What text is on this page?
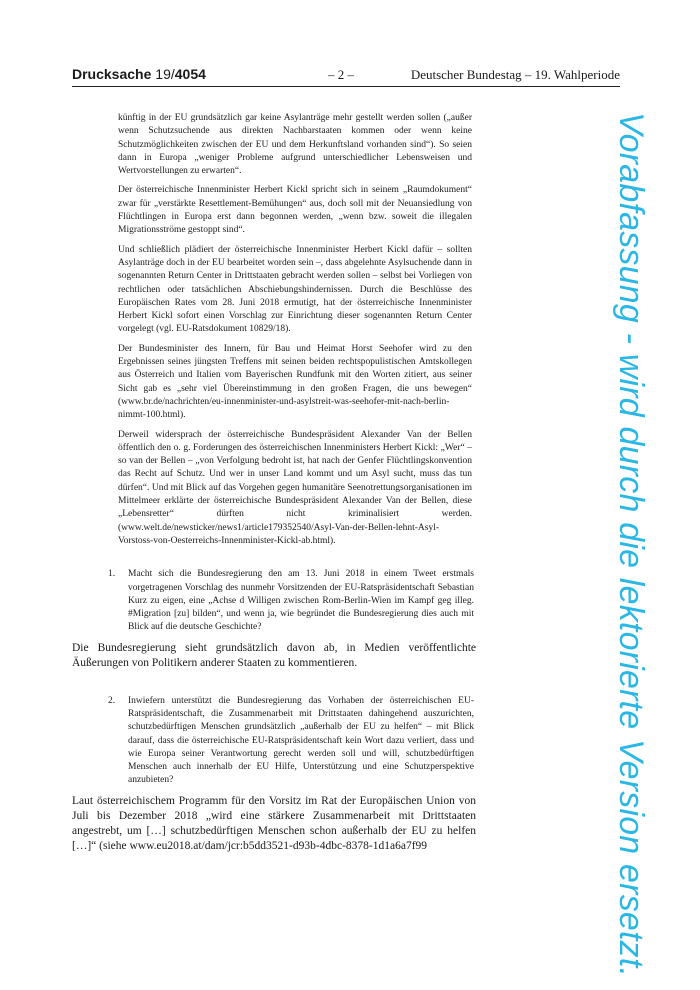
Drucksache 19/4054	– 2 –	Deutscher Bundestag – 19. Wahlperiode

künftig in der EU grundsätzlich gar keine Asylanträge mehr gestellt werden sollen („außer wenn Schutzsuchende aus direkten Nachbarstaaten kommen oder wenn keine Schutzmöglichkeiten zwischen der EU und dem Herkunftsland vorhanden sind“). So seien dann in Europa „weniger Probleme aufgrund unterschiedlicher Lebensweisen und Wertvorstellungen zu erwarten“.

Der österreichische Innenminister Herbert Kickl spricht sich in seinem „Raumdokument“ zwar für „verstärkte Resettlement-Bemühungen“ aus, doch soll mit der Neuansiedlung von Flüchtlingen in Europa erst dann begonnen werden, „wenn bzw. soweit die illegalen Migrationsströme gestoppt sind“.

Und schließlich plädiert der österreichische Innenminister Herbert Kickl dafür – sollten Asylanträge doch in der EU bearbeitet worden sein –, dass abgelehnte Asylsuchende dann in sogenannten Return Center in Drittstaaten gebracht werden sollen – selbst bei Vorliegen von rechtlichen oder tatsächlichen Abschiebungshindernissen. Durch die Beschlüsse des Europäischen Rates vom 28. Juni 2018 ermutigt, hat der österreichische Innenminister Herbert Kickl sofort einen Vorschlag zur Einrichtung dieser sogenannten Return Center vorgelegt (vgl. EU-Ratsdokument 10829/18).

Der Bundesminister des Innern, für Bau und Heimat Horst Seehofer wird zu den Ergebnissen seines jüngsten Treffens mit seinen beiden rechtspopulistischen Amtskollegen aus Österreich und Italien vom Bayerischen Rundfunk mit den Worten zitiert, aus seiner Sicht gab es „sehr viel Übereinstimmung in den großen Fragen, die uns bewegen“ (www.br.de/nachrichten/eu-innenminister-und-asylstreit-was-seehofer-mit-nach-berlin-nimmt-100.html).

Derweil widersprach der österreichische Bundespräsident Alexander Van der Bellen öffentlich den o. g. Forderungen des österreichischen Innenministers Herbert Kickl: „Wer“ – so van der Bellen – „von Verfolgung bedroht ist, hat nach der Genfer Flüchtlingskonvention das Recht auf Schutz. Und wer in unser Land kommt und um Asyl sucht, muss das tun dürfen“. Und mit Blick auf das Vorgehen gegen humanitäre Seenotrettungsorganisationen im Mittelmeer erklärte der österreichische Bundespräsident Alexander Van der Bellen, diese „Lebensretter“ dürften nicht kriminalisiert werden. (www.welt.de/newsticker/news1/article179352540/Asyl-Van-der-Bellen-lehnt-Asyl-Vorstoss-von-Oesterreichs-Innenminister-Kickl-ab.html).

1.	Macht sich die Bundesregierung den am 13. Juni 2018 in einem Tweet erstmals vorgetragenen Vorschlag des nunmehr Vorsitzenden der EU-Ratspräsidentschaft Sebastian Kurz zu eigen, eine „Achse d Willigen zwischen Rom-Berlin-Wien im Kampf geg illeg. #Migration [zu] bilden“, und wenn ja, wie begründet die Bundesregierung dies auch mit Blick auf die deutsche Geschichte?
Die Bundesregierung sieht grundsätzlich davon ab, in Medien veröffentlichte Äußerungen von Politikern anderer Staaten zu kommentieren.
2.	Inwiefern unterstützt die Bundesregierung das Vorhaben der österreichischen EU-Ratspräsidentschaft, die Zusammenarbeit mit Drittstaaten dahingehend auszurichten, schutzbedürftigen Menschen grundsätzlich „außerhalb der EU zu helfen“ – mit Blick darauf, dass die österreichische EU-Ratspräsidentschaft kein Wort dazu verliert, dass und wie Europa seiner Verantwortung gerecht werden soll und will, schutzbedürftigen Menschen auch innerhalb der EU Hilfe, Unterstützung und eine Schutzperspektive anzubieten?
Laut österreichischem Programm für den Vorsitz im Rat der Europäischen Union von Juli bis Dezember 2018 „wird eine stärkere Zusammenarbeit mit Drittstaaten angestrebt, um […] schutzbedürftigen Menschen schon außerhalb der EU zu helfen […]“ (siehe www.eu2018.at/dam/jcr:b5dd3521-d93b-4dbc-8378-1d1a6a7f99	Vorabfassung - wird durch die lektorierte Version ersetzt.
